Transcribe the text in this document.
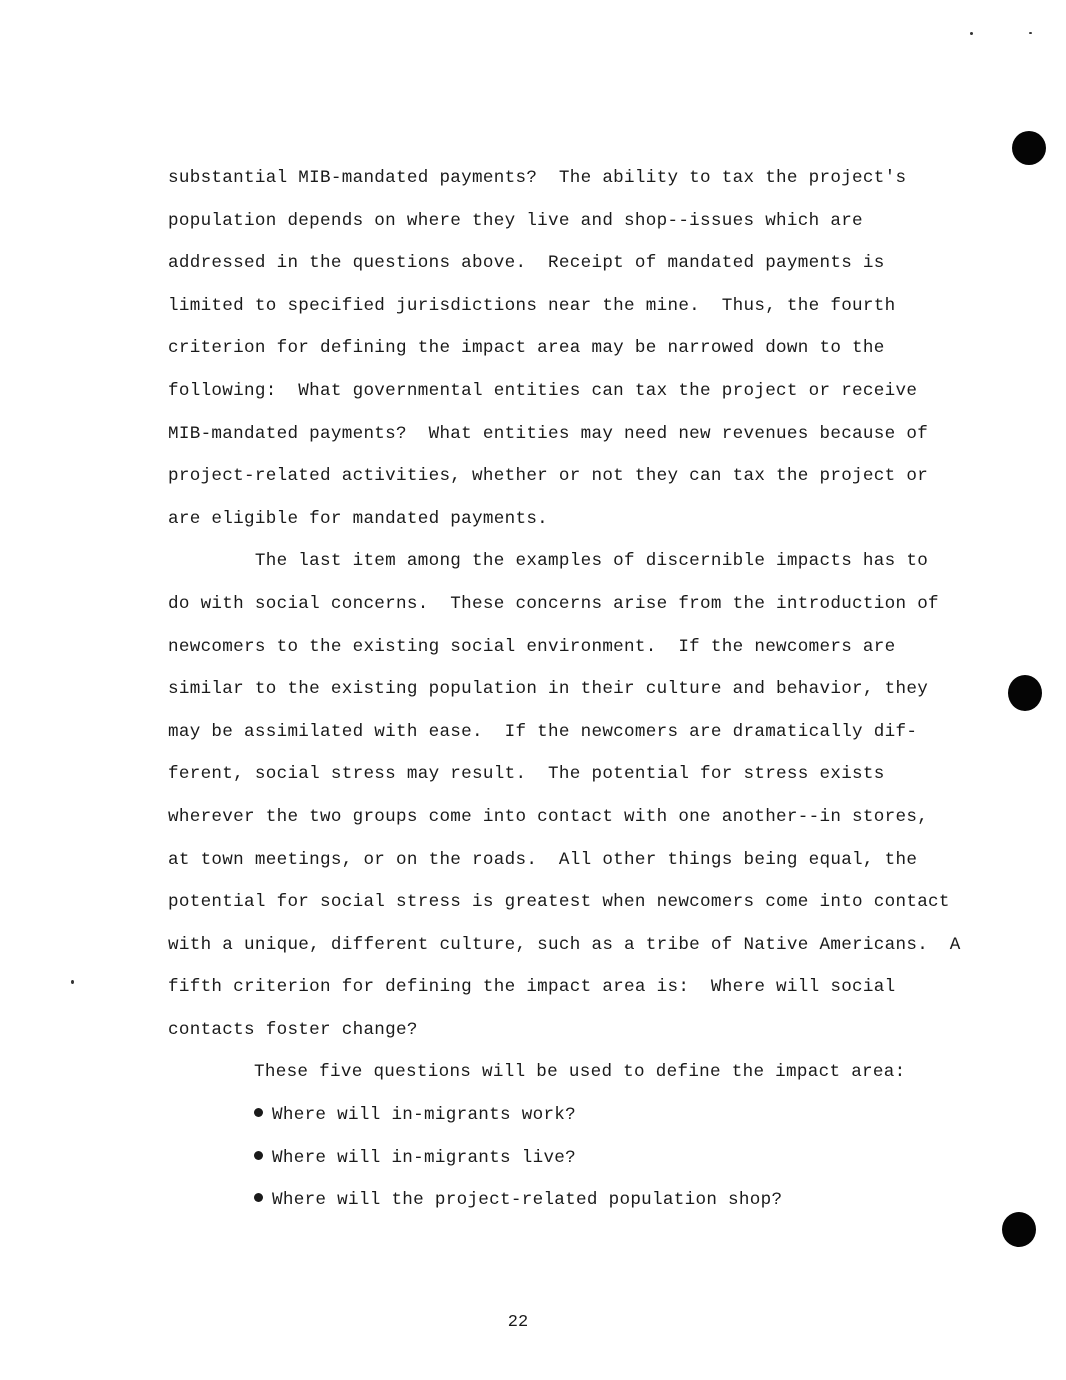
substantial MIB-mandated payments?  The ability to tax the project's
population depends on where they live and shop--issues which are
addressed in the questions above.  Receipt of mandated payments is
limited to specified jurisdictions near the mine.  Thus, the fourth
criterion for defining the impact area may be narrowed down to the
following:  What governmental entities can tax the project or receive
MIB-mandated payments?  What entities may need new revenues because of
project-related activities, whether or not they can tax the project or
are eligible for mandated payments.
The last item among the examples of discernible impacts has to
do with social concerns.  These concerns arise from the introduction of
newcomers to the existing social environment.  If the newcomers are
similar to the existing population in their culture and behavior, they
may be assimilated with ease.  If the newcomers are dramatically dif-
ferent, social stress may result.  The potential for stress exists
wherever the two groups come into contact with one another--in stores,
at town meetings, or on the roads.  All other things being equal, the
potential for social stress is greatest when newcomers come into contact
with a unique, different culture, such as a tribe of Native Americans.  A
fifth criterion for defining the impact area is:  Where will social
contacts foster change?
These five questions will be used to define the impact area:
Where will in-migrants work?
Where will in-migrants live?
Where will the project-related population shop?
22
